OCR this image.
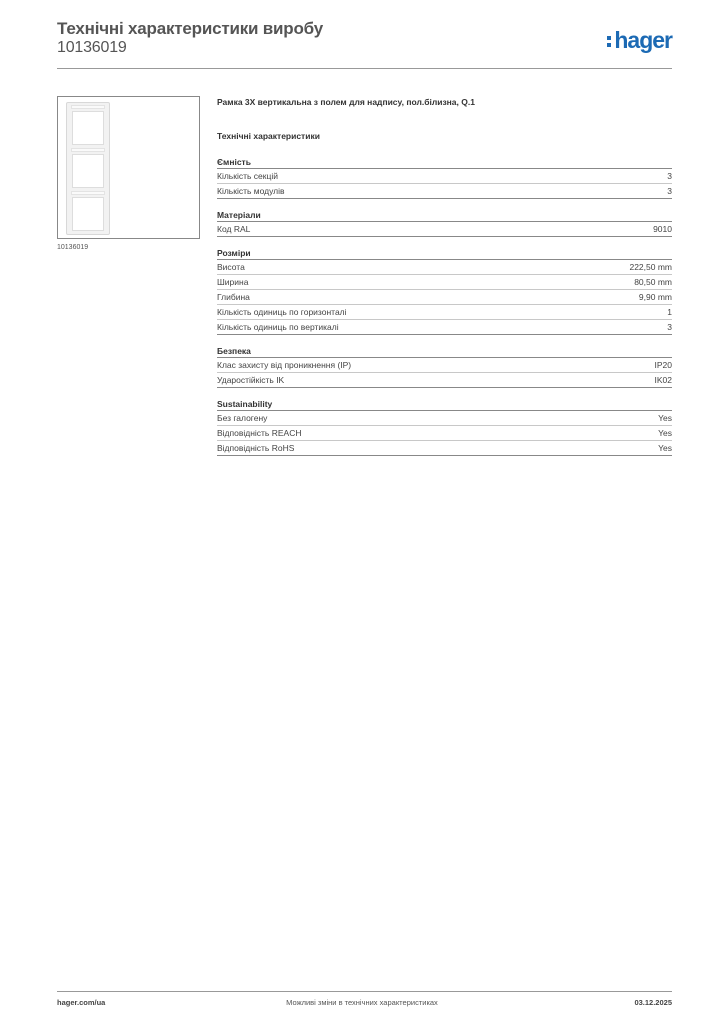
Технічні характеристики виробу
10136019	hager
10136019
Рамка 3X вертикальна з полем для надпису, пол.білизна, Q.1
Технічні характеристики
Ємність
Кількість секцій	3
Кількість модулів	3
Матеріали
Код RAL	9010
Розміри
Висота	222,50 mm
Ширина	80,50 mm
Глибина	9,90 mm
Кількість одиниць по горизонталі	1
Кількість одиниць по вертикалі	3
Безпека
Клас захисту від проникнення (IP)	IP20
Ударостійкість IK	IK02
Sustainability
Без галогену	Yes
Відповідність REACH	Yes
Відповідність RoHS	Yes
hager.com/ua	Можливі зміни в технічних характеристиках	03.12.2025
